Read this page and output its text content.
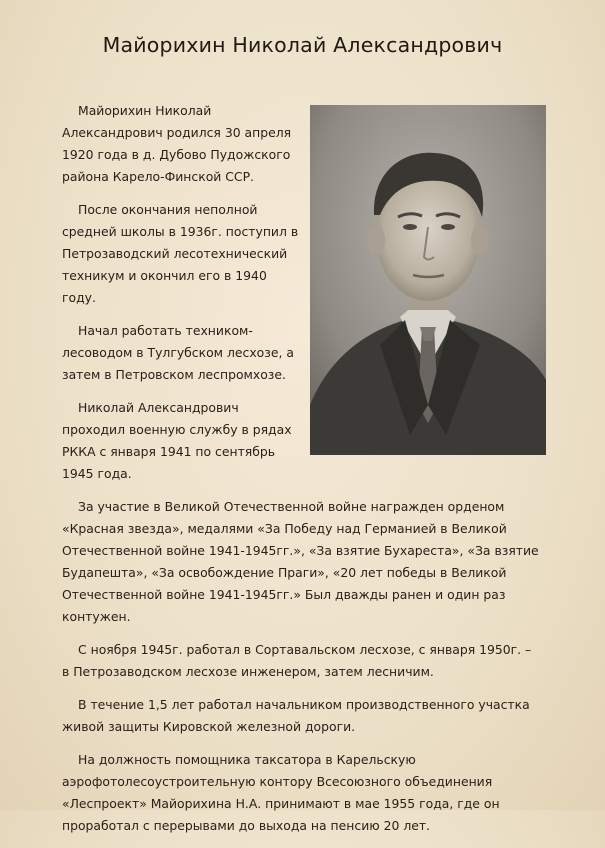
Майорихин Николай Александрович

Майорихин Николай Александрович родился 30 апреля 1920 года в д. Дубово Пудожского района Карело-Финской ССР.

После окончания неполной средней школы в 1936г. поступил в Петрозаводский лесотехнический техникум и окончил его в 1940 году.

Начал работать техником-лесоводом в Тулгубском лесхозе, а затем в Петровском леспромхозе.

Николай Александрович проходил военную службу в рядах РККА с января 1941 по сентябрь 1945 года.

За участие в Великой Отечественной войне награжден орденом «Красная звезда», медалями «За Победу над Германией в Великой Отечественной войне 1941-1945гг.», «За взятие Бухареста», «За взятие Будапешта», «За освобождение Праги», «20 лет победы в Великой Отечественной войне 1941-1945гг.» Был дважды ранен и один раз контужен.

С ноября 1945г. работал в Сортавальском лесхозе, с января 1950г. – в Петрозаводском лесхозе инженером, затем лесничим.

В течение 1,5 лет работал начальником производственного участка живой защиты Кировской железной дороги.

На должность помощника таксатора в Карельскую аэрофотолесоустроительную контору Всесоюзного объединения «Леспроект» Майорихина Н.А. принимают в мае 1955 года, где он проработал с перерывами до выхода на пенсию 20 лет.
